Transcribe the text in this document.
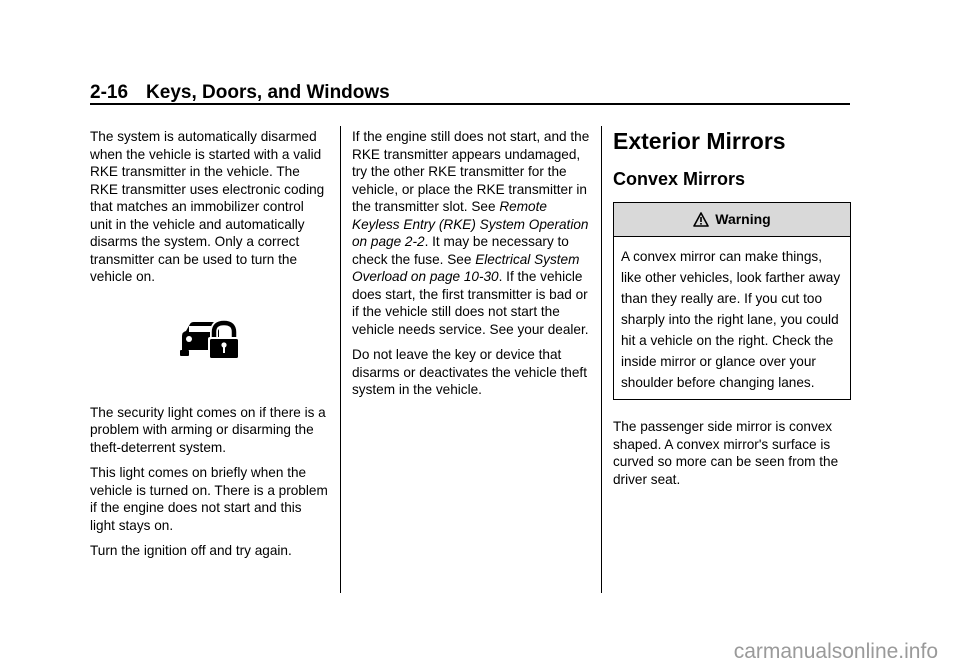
2-16 Keys, Doors, and Windows

The system is automatically disarmed when the vehicle is started with a valid RKE transmitter in the vehicle. The RKE transmitter uses electronic coding that matches an immobilizer control unit in the vehicle and automatically disarms the system. Only a correct transmitter can be used to turn the vehicle on.

The security light comes on if there is a problem with arming or disarming the theft-deterrent system.

This light comes on briefly when the vehicle is turned on. There is a problem if the engine does not start and this light stays on.

Turn the ignition off and try again.

If the engine still does not start, and the RKE transmitter appears undamaged, try the other RKE transmitter for the vehicle, or place the RKE transmitter in the transmitter slot. See Remote Keyless Entry (RKE) System Operation on page 2-2. It may be necessary to check the fuse. See Electrical System Overload on page 10-30. If the vehicle does start, the first transmitter is bad or if the vehicle still does not start the vehicle needs service. See your dealer.

Do not leave the key or device that disarms or deactivates the vehicle theft system in the vehicle.

Exterior Mirrors
Convex Mirrors
Warning
A convex mirror can make things, like other vehicles, look farther away than they really are. If you cut too sharply into the right lane, you could hit a vehicle on the right. Check the inside mirror or glance over your shoulder before changing lanes.

The passenger side mirror is convex shaped. A convex mirror's surface is curved so more can be seen from the driver seat.

carmanualsonline.info
